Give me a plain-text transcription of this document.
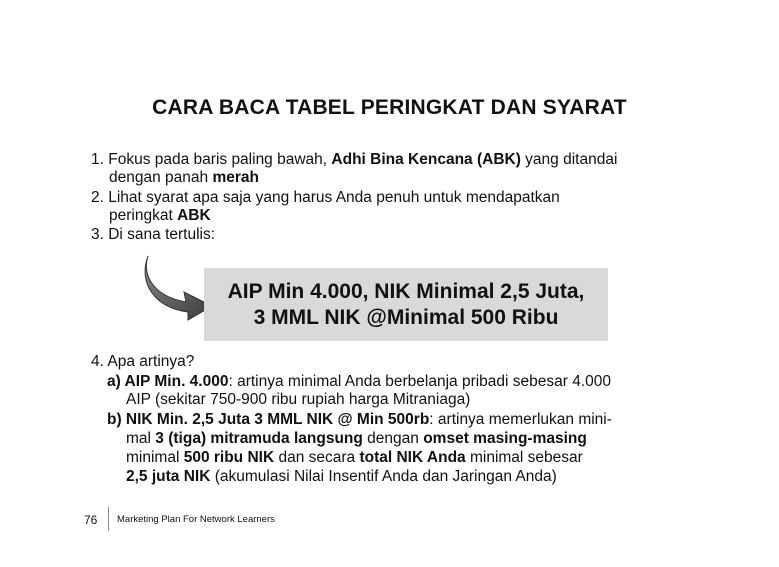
CARA BACA TABEL PERINGKAT DAN SYARAT
1. Fokus pada baris paling bawah, Adhi Bina Kencana (ABK) yang ditandai
dengan panah merah
2. Lihat syarat apa saja yang harus Anda penuh untuk mendapatkan
peringkat ABK
3. Di sana tertulis:
AIP Min 4.000, NIK Minimal 2,5 Juta,
3 MML NIK @Minimal 500 Ribu
4. Apa artinya?
a) AIP Min. 4.000: artinya minimal Anda berbelanja pribadi sebesar 4.000
AIP (sekitar 750-900 ribu rupiah harga Mitraniaga)
b) NIK Min. 2,5 Juta 3 MML NIK @ Min 500rb: artinya memerlukan mini-
mal 3 (tiga) mitramuda langsung dengan omset masing-masing
minimal 500 ribu NIK dan secara total NIK Anda minimal sebesar
2,5 juta NIK (akumulasi Nilai Insentif Anda dan Jaringan Anda)
76 Marketing Plan For Network Learners
